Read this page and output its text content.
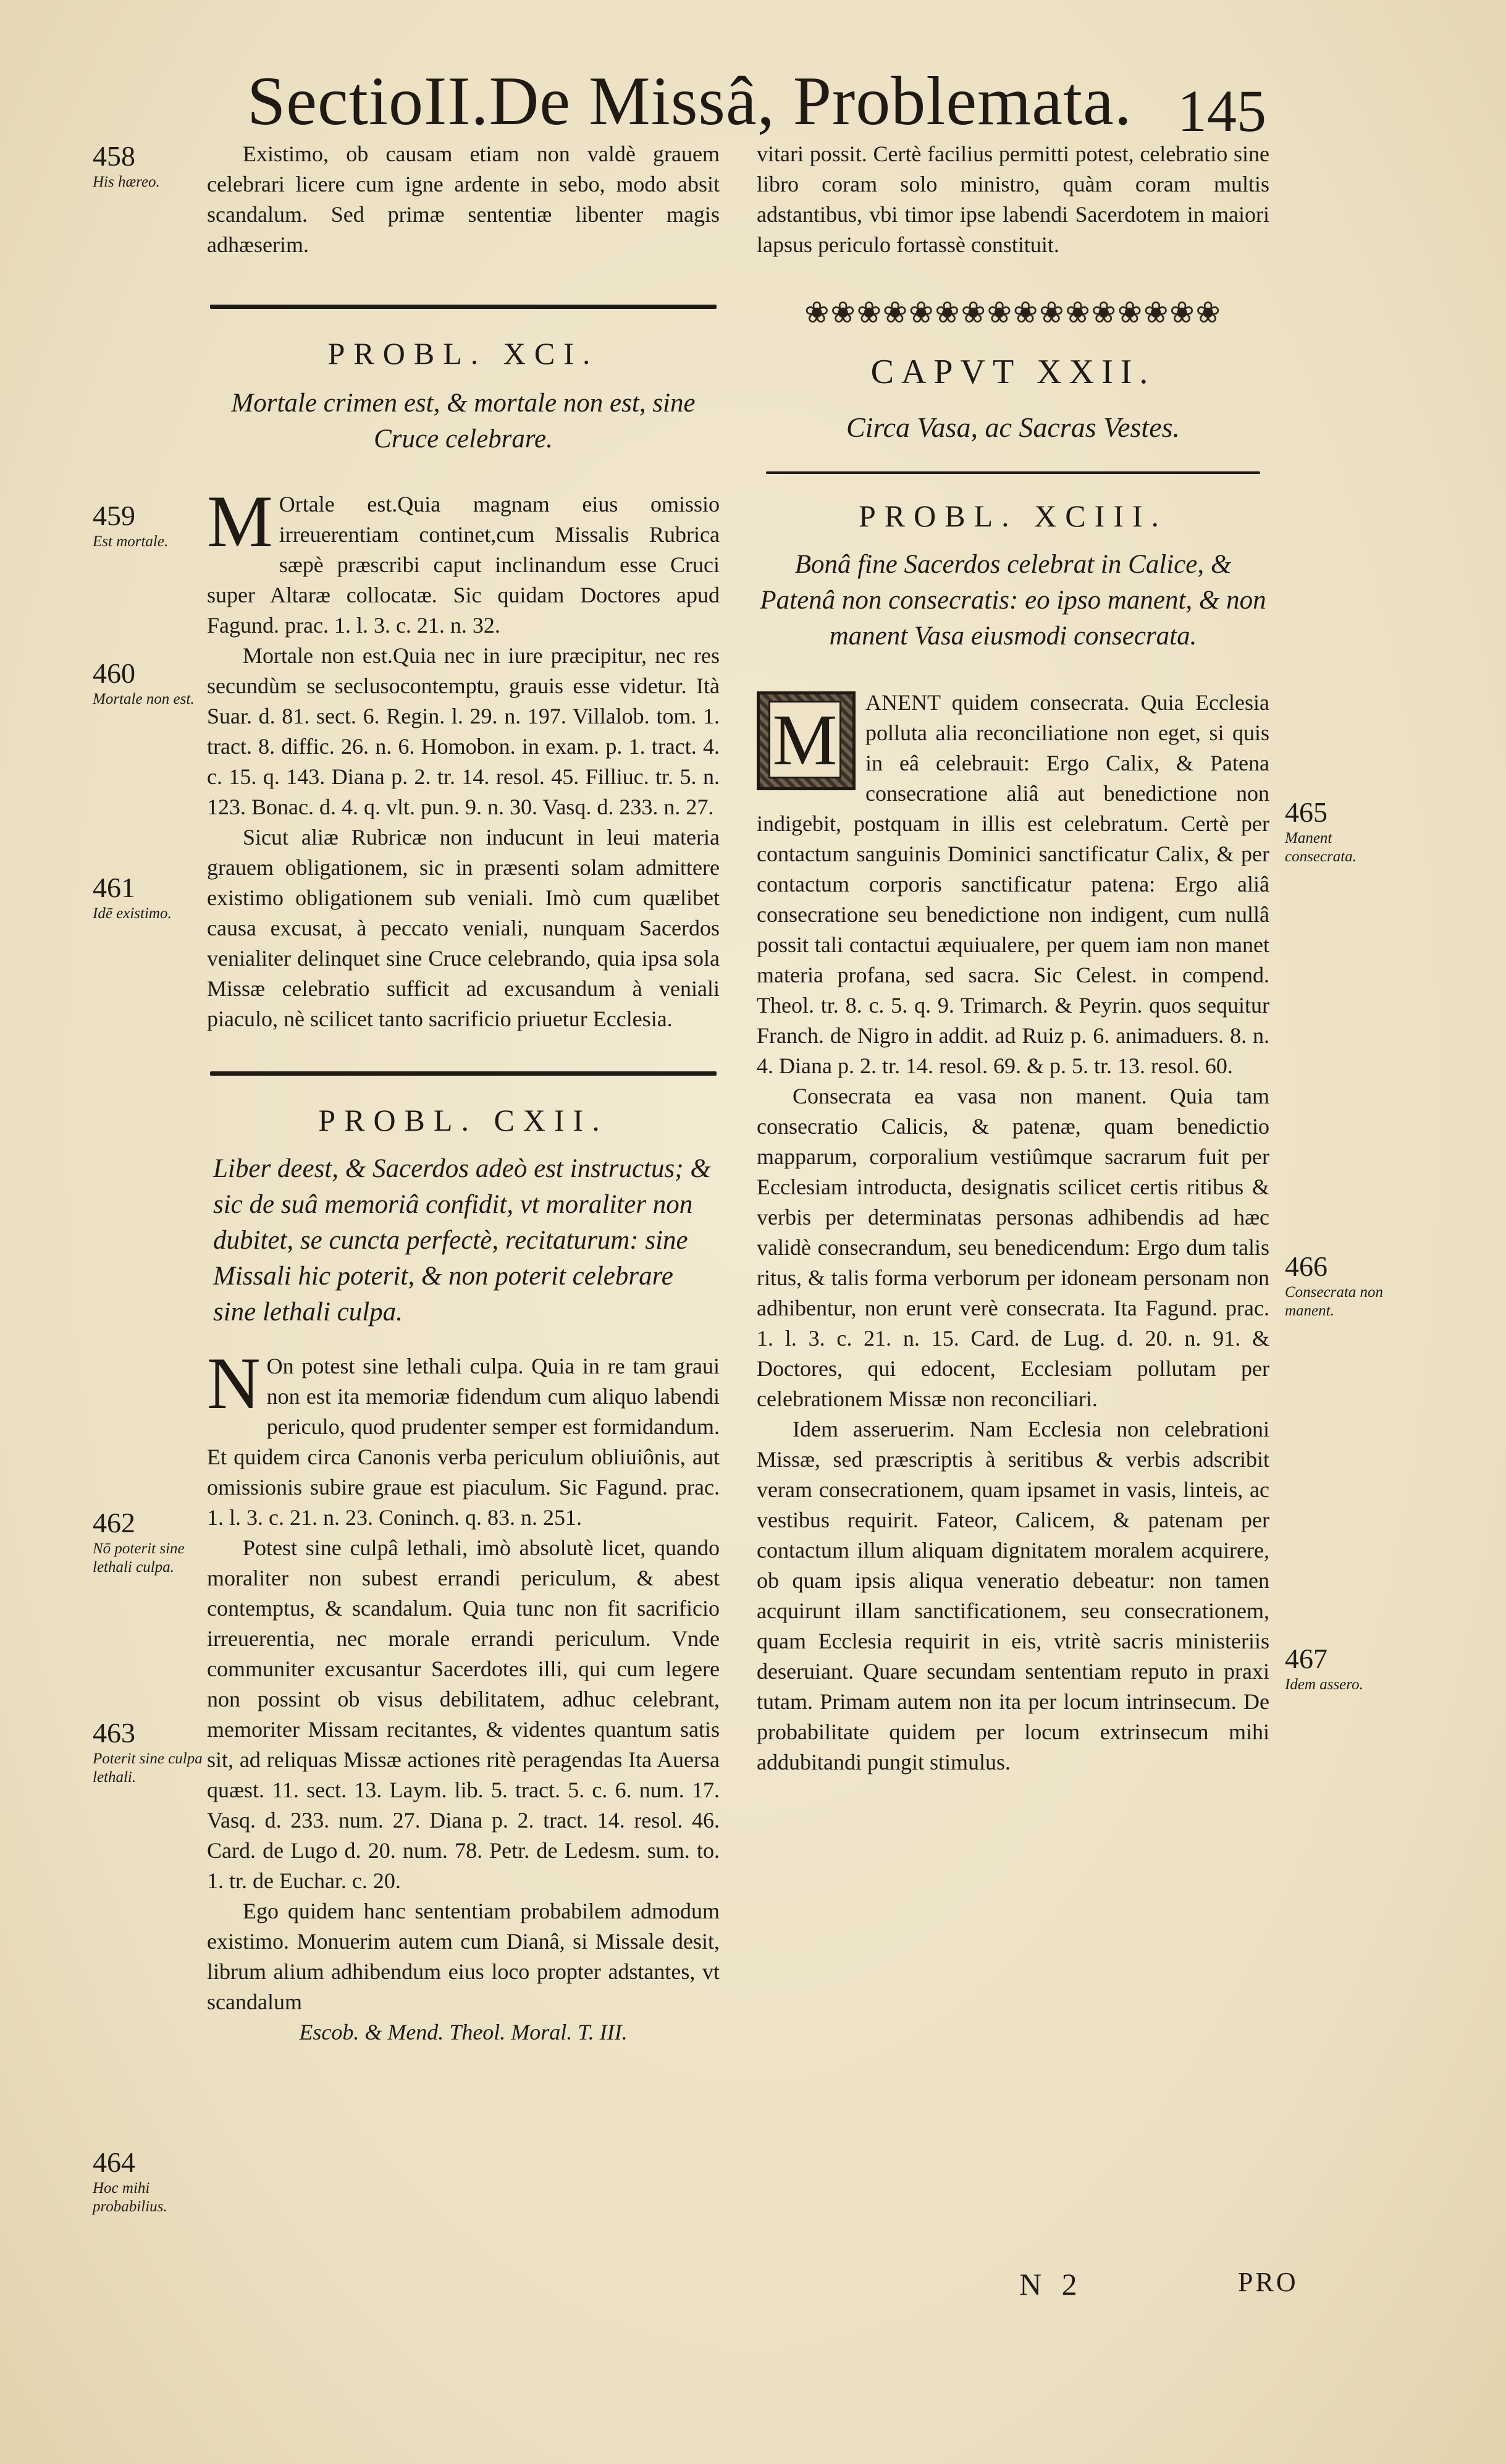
SectioII.De Missâ, Problemata. 145
458
His hæreo.
459
Est mortale.
460
Mortale non est.
461
Idē existimo.
462
Nō poterit sine lethali culpa.
463
Poterit sine culpa lethali.
464
Hoc mihi probabilius.
465
Manent consecrata.
466
Consecrata non manent.
467
Idem assero.

Existimo, ob causam etiam non valdè grauem celebrari licere cum igne ardente in sebo, modo absit scandalum. Sed primæ sententiæ libenter magis adhæserim.

PROBL. XCI.

Mortale crimen est, & mortale non est, sine Cruce celebrare.

M Ortale est.Quia magnam eius omissio irreuerentiam continet,cum Missalis Rubrica sæpè præscribi caput inclinandum esse Cruci super Altaræ collocatæ. Sic quidam Doctores apud Fagund. prac. 1. l. 3. c. 21. n. 32.

Mortale non est.Quia nec in iure præcipitur, nec res secundùm se seclusocontemptu, grauis esse videtur. Ità Suar. d. 81. sect. 6. Regin. l. 29. n. 197. Villalob. tom. 1. tract. 8. diffic. 26. n. 6. Homobon. in exam. p. 1. tract. 4. c. 15. q. 143. Diana p. 2. tr. 14. resol. 45. Filliuc. tr. 5. n. 123. Bonac. d. 4. q. vlt. pun. 9. n. 30. Vasq. d. 233. n. 27.

Sicut aliæ Rubricæ non inducunt in leui materia grauem obligationem, sic in præsenti solam admittere existimo obligationem sub veniali. Imò cum quælibet causa excusat, à peccato veniali, nunquam Sacerdos venialiter delinquet sine Cruce celebrando, quia ipsa sola Missæ celebratio sufficit ad excusandum à veniali piaculo, nè scilicet tanto sacrificio priuetur Ecclesia.

PROBL. CXII.

Liber deest, & Sacerdos adeò est instructus; & sic de suâ memoriâ confidit, vt moraliter non dubitet, se cuncta perfectè, recitaturum: sine Missali hic poterit, & non poterit celebrare sine lethali culpa.

N On potest sine lethali culpa. Quia in re tam graui non est ita memoriæ fidendum cum aliquo labendi periculo, quod prudenter semper est formidandum. Et quidem circa Canonis verba periculum obliuiônis, aut omissionis subire graue est piaculum. Sic Fagund. prac. 1. l. 3. c. 21. n. 23. Coninch. q. 83. n. 251.

Potest sine culpâ lethali, imò absolutè licet, quando moraliter non subest errandi periculum, & abest contemptus, & scandalum. Quia tunc non fit sacrificio irreuerentia, nec morale errandi periculum. Vnde communiter excusantur Sacerdotes illi, qui cum legere non possint ob visus debilitatem, adhuc celebrant, memoriter Missam recitantes, & videntes quantum satis sit, ad reliquas Missæ actiones ritè peragendas Ita Auersa quæst. 11. sect. 13. Laym. lib. 5. tract. 5. c. 6. num. 17. Vasq. d. 233. num. 27. Diana p. 2. tract. 14. resol. 46. Card. de Lugo d. 20. num. 78. Petr. de Ledesm. sum. to. 1. tr. de Euchar. c. 20.

Ego quidem hanc sententiam probabilem admodum existimo. Monuerim autem cum Dianâ, si Missale desit, librum alium adhibendum eius loco propter adstantes, vt scandalum

Escob. & Mend. Theol. Moral. T. III.

vitari possit. Certè facilius permitti potest, celebratio sine libro coram solo ministro, quàm coram multis adstantibus, vbi timor ipse labendi Sacerdotem in maiori lapsus periculo fortassè constituit.

❀❀❀❀❀❀❀❀❀❀❀❀❀❀❀❀

CAPVT XXII.

Circa Vasa, ac Sacras Vestes.

PROBL. XCIII.

Bonâ fine Sacerdos celebrat in Calice, & Patenâ non consecratis: eo ipso manent, & non manent Vasa eiusmodi consecrata.

M ANENT quidem consecrata. Quia Ecclesia polluta alia reconciliatione non eget, si quis in eâ celebrauit: Ergo Calix, & Patena consecratione aliâ aut benedictione non indigebit, postquam in illis est celebratum. Certè per contactum sanguinis Dominici sanctificatur Calix, & per contactum corporis sanctificatur patena: Ergo aliâ consecratione seu benedictione non indigent, cum nullâ possit tali contactui æquiualere, per quem iam non manet materia profana, sed sacra. Sic Celest. in compend. Theol. tr. 8. c. 5. q. 9. Trimarch. & Peyrin. quos sequitur Franch. de Nigro in addit. ad Ruiz p. 6. animaduers. 8. n. 4. Diana p. 2. tr. 14. resol. 69. & p. 5. tr. 13. resol. 60.

Consecrata ea vasa non manent. Quia tam consecratio Calicis, & patenæ, quam benedictio mapparum, corporalium vestiûmque sacrarum fuit per Ecclesiam introducta, designatis scilicet certis ritibus & verbis per determinatas personas adhibendis ad hæc validè consecrandum, seu benedicendum: Ergo dum talis ritus, & talis forma verborum per idoneam personam non adhibentur, non erunt verè consecrata. Ita Fagund. prac. 1. l. 3. c. 21. n. 15. Card. de Lug. d. 20. n. 91. & Doctores, qui edocent, Ecclesiam pollutam per celebrationem Missæ non reconciliari.

Idem asseruerim. Nam Ecclesia non celebrationi Missæ, sed præscriptis à seritibus & verbis adscribit veram consecrationem, quam ipsamet in vasis, linteis, ac vestibus requirit. Fateor, Calicem, & patenam per contactum illum aliquam dignitatem moralem acquirere, ob quam ipsis aliqua veneratio debeatur: non tamen acquirunt illam sanctificationem, seu consecrationem, quam Ecclesia requirit in eis, vtritè sacris ministeriis deseruiant. Quare secundam sententiam reputo in praxi tutam. Primam autem non ita per locum intrinsecum. De probabilitate quidem per locum extrinsecum mihi addubitandi pungit stimulus.

N 2	PRO
